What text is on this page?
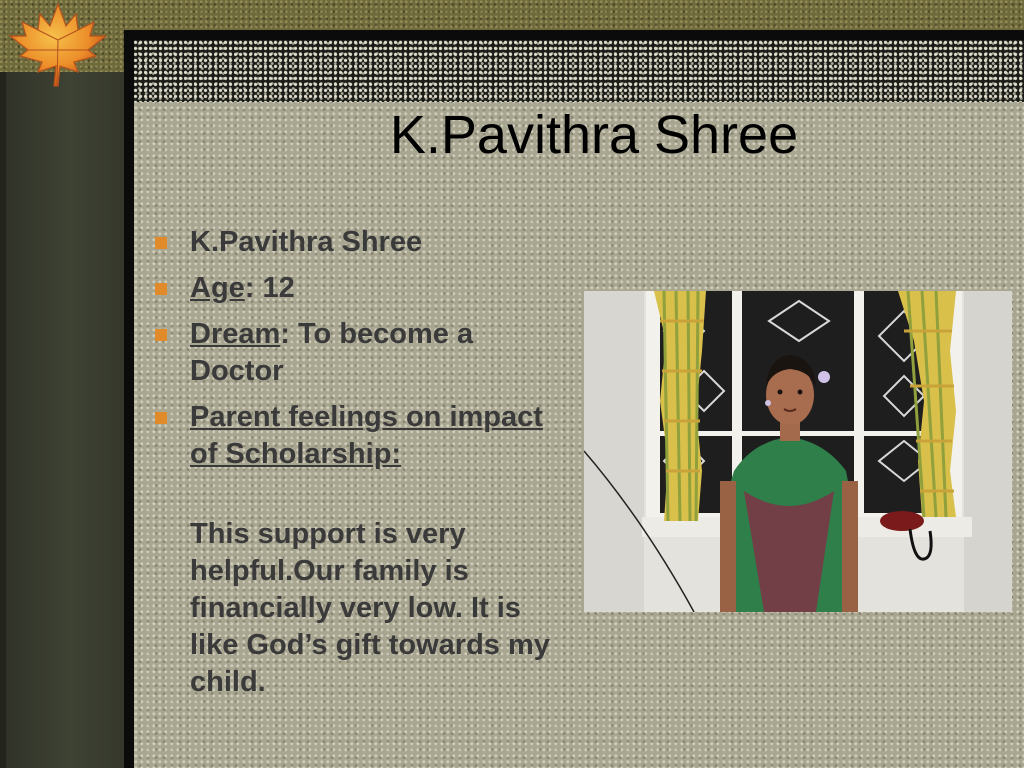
K.Pavithra Shree
K.Pavithra Shree
Age: 12
Dream: To become a Doctor
Parent feelings on impact of Scholarship:
This support is very helpful.Our family is financially very low. It is like God’s gift towards my child.
